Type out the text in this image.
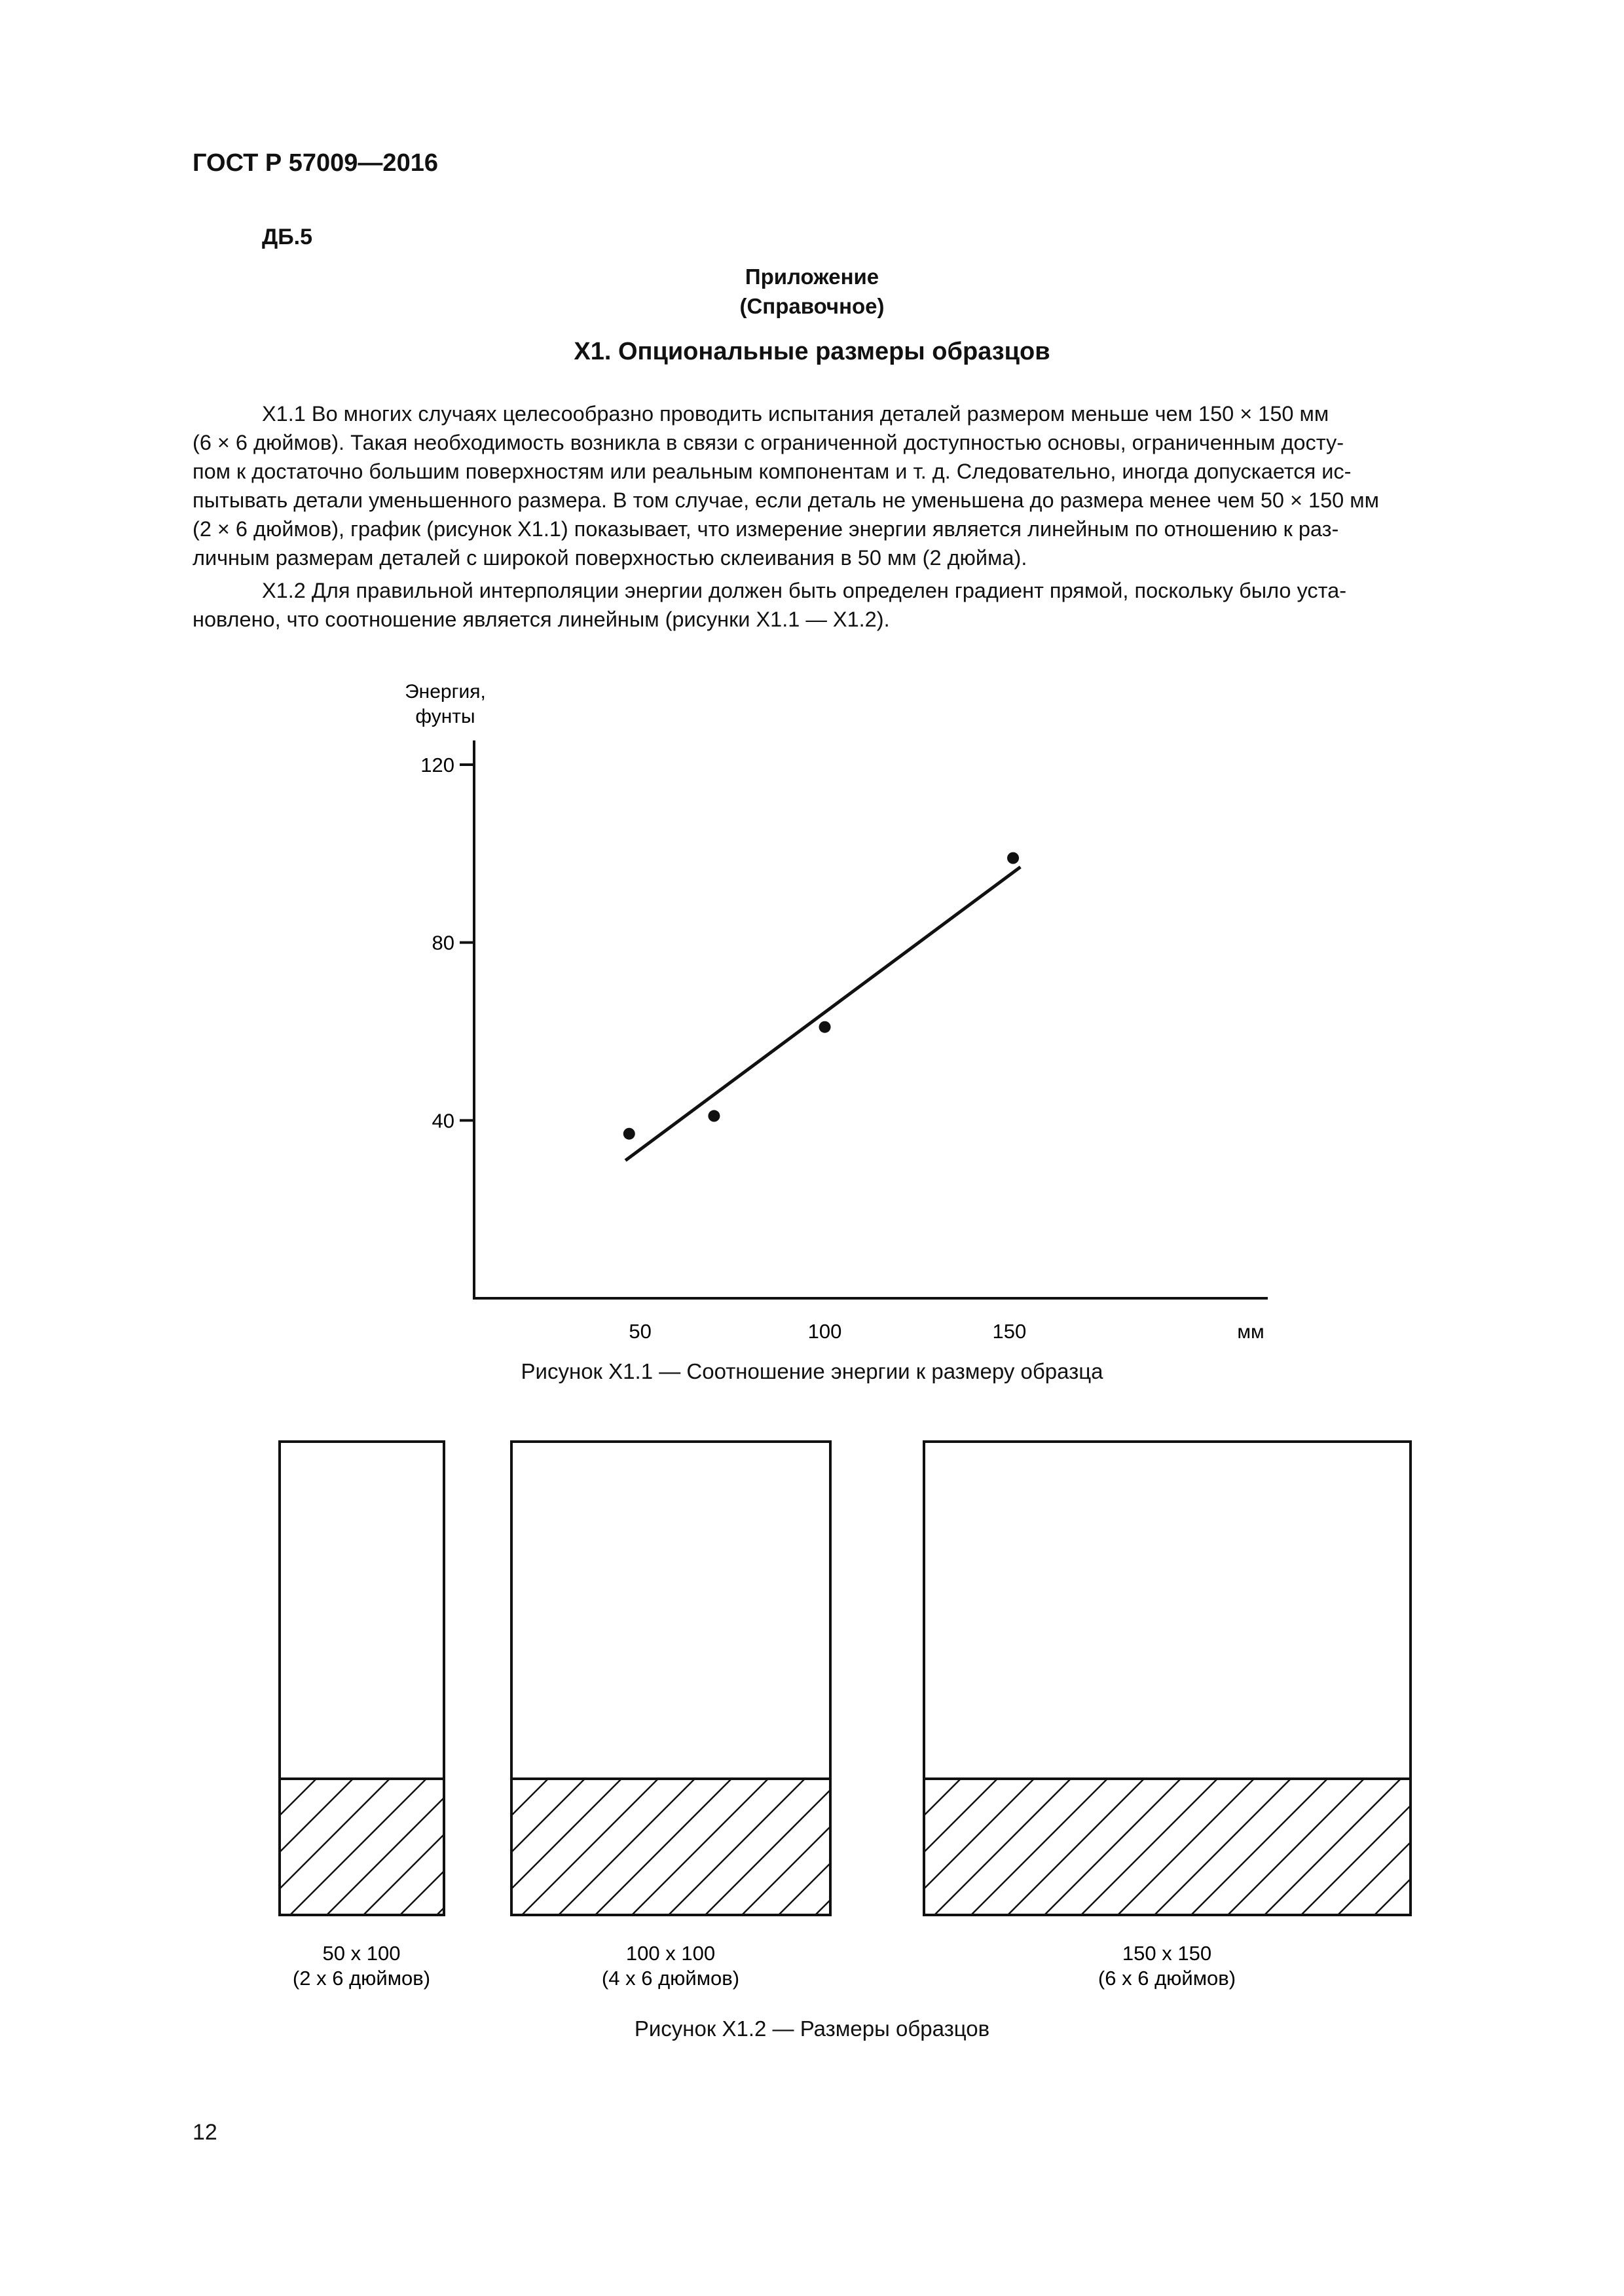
ГОСТ Р 57009—2016
ДБ.5
Приложение
(Справочное)
Х1. Опциональные размеры образцов
Х1.1 Во многих случаях целесообразно проводить испытания деталей размером меньше чем 150 × 150 мм
(6 × 6 дюймов). Такая необходимость возникла в связи с ограниченной доступностью основы, ограниченным досту-
пом к достаточно большим поверхностям или реальным компонентам и т. д. Следовательно, иногда допускается ис-
пытывать детали уменьшенного размера. В том случае, если деталь не уменьшена до размера менее чем 50 × 150 мм
(2 × 6 дюймов), график (рисунок Х1.1) показывает, что измерение энергии является линейным по отношению к раз-
личным размерам деталей с широкой поверхностью склеивания в 50 мм (2 дюйма).
Х1.2 Для правильной интерполяции энергии должен быть определен градиент прямой, поскольку было уста-
новлено, что соотношение является линейным (рисунки Х1.1 — Х1.2).
Энергия,
фунты
мм
40
80
120
50	100	150
Рисунок Х1.1 — Соотношение энергии к размеру образца
50 х 100
(2 х 6 дюймов)
100 х 100
(4 х 6 дюймов)
150 х 150
(6 х 6 дюймов)
Рисунок Х1.2 — Размеры образцов
12
